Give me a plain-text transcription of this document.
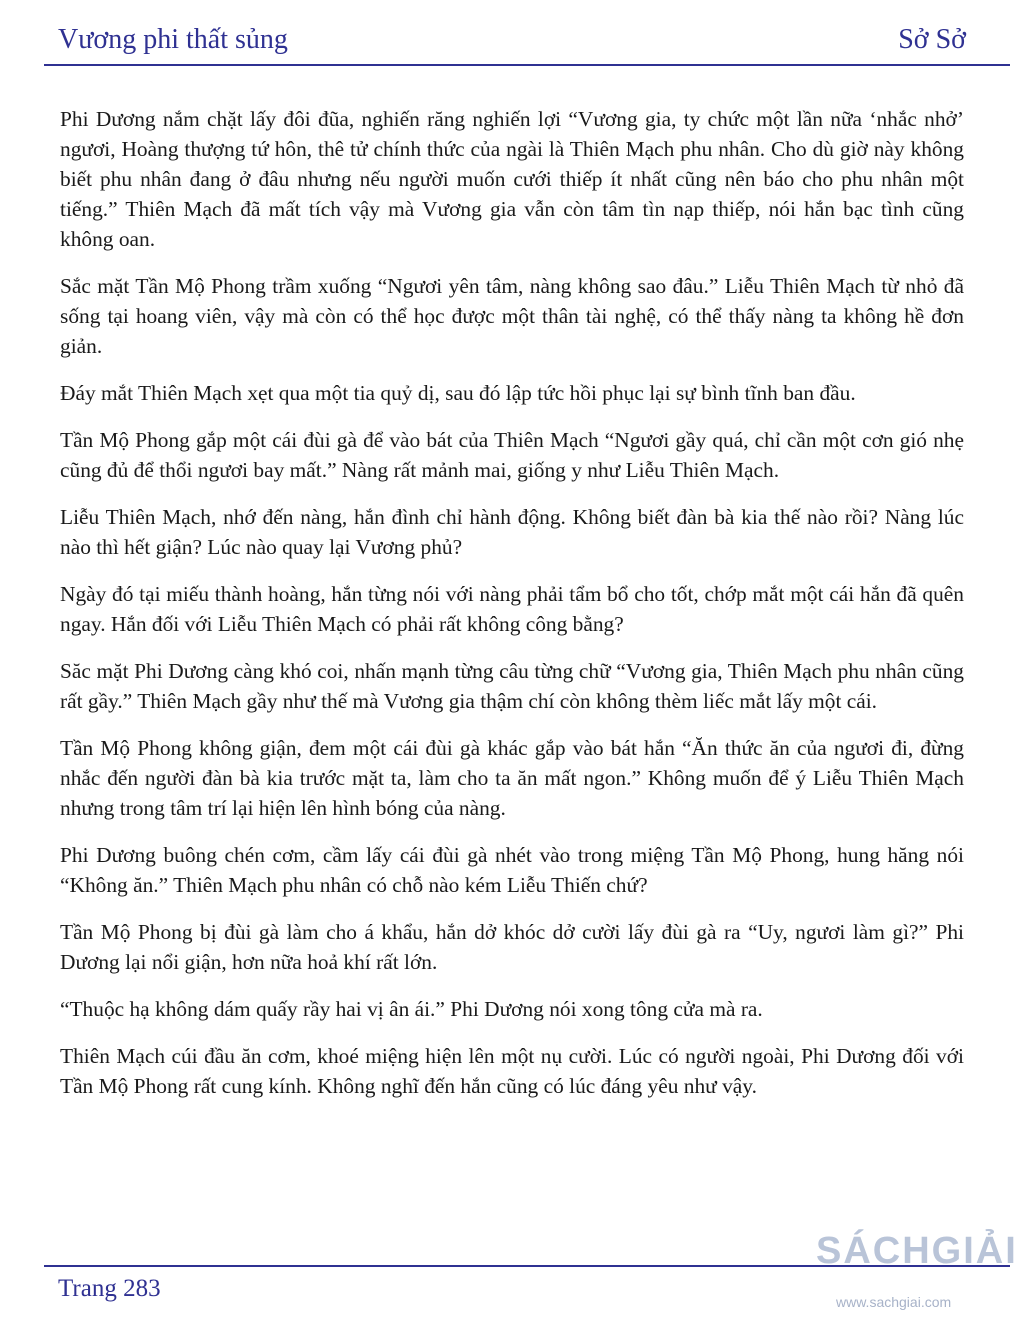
Vương phi thất sủng	Sở Sở

Phi Dương nắm chặt lấy đôi đũa, nghiến răng nghiến lợi “Vương gia, ty chức một lần nữa ‘nhắc nhở’ ngươi, Hoàng thượng tứ hôn, thê tử chính thức của ngài là Thiên Mạch phu nhân. Cho dù giờ này không biết phu nhân đang ở đâu nhưng nếu người muốn cưới thiếp ít nhất cũng nên báo cho phu nhân một tiếng.” Thiên Mạch đã mất tích vậy mà Vương gia vẫn còn tâm tìn nạp thiếp, nói hắn bạc tình cũng không oan.

Sắc mặt Tần Mộ Phong trầm xuống “Ngươi yên tâm, nàng không sao đâu.” Liễu Thiên Mạch từ nhỏ đã sống tại hoang viên, vậy mà còn có thể học được một thân tài nghệ, có thể thấy nàng ta không hề đơn giản.

Đáy mắt Thiên Mạch xẹt qua một tia quỷ dị, sau đó lập tức hồi phục lại sự bình tĩnh ban đầu.

Tần Mộ Phong gắp một cái đùi gà để vào bát của Thiên Mạch “Ngươi gầy quá, chỉ cần một cơn gió nhẹ cũng đủ để thổi ngươi bay mất.” Nàng rất mảnh mai, giống y như Liễu Thiên Mạch.

Liễu Thiên Mạch, nhớ đến nàng, hắn đình chỉ hành động. Không biết đàn bà kia thế nào rồi? Nàng lúc nào thì hết giận? Lúc nào quay lại Vương phủ?

Ngày đó tại miếu thành hoàng, hắn từng nói với nàng phải tẩm bổ cho tốt, chớp mắt một cái hắn đã quên ngay. Hắn đối với Liễu Thiên Mạch có phải rất không công bằng?

Săc mặt Phi Dương càng khó coi, nhấn mạnh từng câu từng chữ “Vương gia, Thiên Mạch phu nhân cũng rất gầy.” Thiên Mạch gầy như thế mà Vương gia thậm chí còn không thèm liếc mắt lấy một cái.

Tần Mộ Phong không giận, đem một cái đùi gà khác gắp vào bát hắn “Ăn thức ăn của ngươi đi, đừng nhắc đến người đàn bà kia trước mặt ta, làm cho ta ăn mất ngon.” Không muốn để ý Liễu Thiên Mạch nhưng trong tâm trí lại hiện lên hình bóng của nàng.

Phi Dương buông chén cơm, cầm lấy cái đùi gà nhét vào trong miệng Tần Mộ Phong, hung hăng nói “Không ăn.” Thiên Mạch phu nhân có chỗ nào kém Liễu Thiến chứ?

Tần Mộ Phong bị đùi gà làm cho á khẩu, hắn dở khóc dở cười lấy đùi gà ra “Uy, ngươi làm gì?” Phi Dương lại nổi giận, hơn nữa hoả khí rất lớn.

“Thuộc hạ không dám quấy rầy hai vị ân ái.” Phi Dương nói xong tông cửa mà ra.

Thiên Mạch cúi đầu ăn cơm, khoé miệng hiện lên một nụ cười. Lúc có người ngoài, Phi Dương đối với Tần Mộ Phong rất cung kính. Không nghĩ đến hắn cũng có lúc đáng yêu như vậy.

Trang 283
SÁCHGIẢI
www.sachgiai.com
